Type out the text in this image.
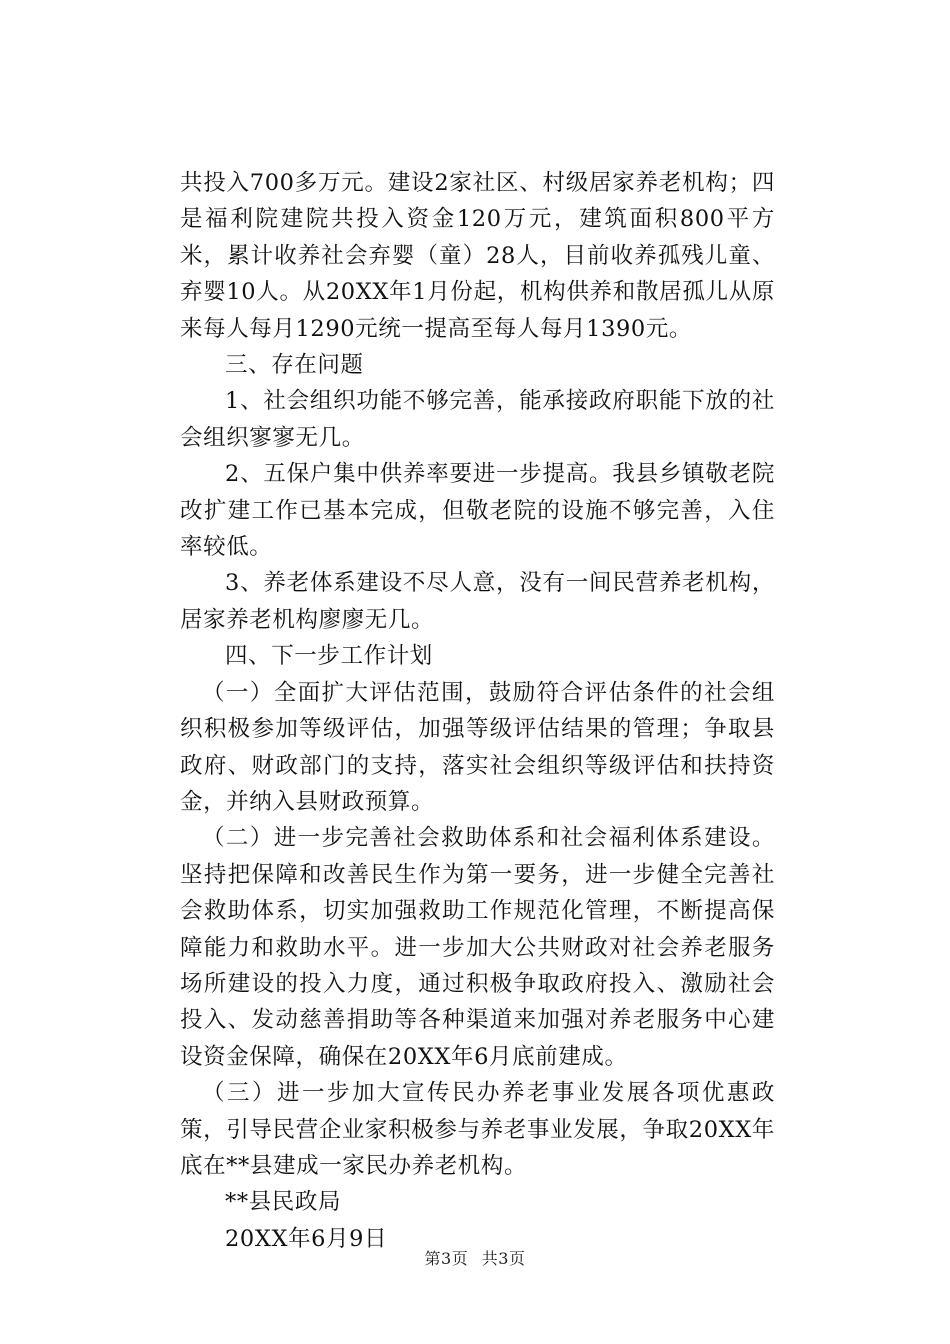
共投入700多万元。建设2家社区、村级居家养老机构；四是福利院建院共投入资金120万元，建筑面积800平方米，累计收养社会弃婴（童）28人，目前收养孤残儿童、弃婴10人。从20XX年1月份起，机构供养和散居孤儿从原来每人每月1290元统一提高至每人每月1390元。

三、存在问题

1、社会组织功能不够完善，能承接政府职能下放的社会组织寥寥无几。

2、五保户集中供养率要进一步提高。我县乡镇敬老院改扩建工作已基本完成，但敬老院的设施不够完善，入住率较低。

3、养老体系建设不尽人意，没有一间民营养老机构，居家养老机构廖廖无几。

四、下一步工作计划

（一）全面扩大评估范围，鼓励符合评估条件的社会组织积极参加等级评估，加强等级评估结果的管理；争取县政府、财政部门的支持，落实社会组织等级评估和扶持资金，并纳入县财政预算。

（二）进一步完善社会救助体系和社会福利体系建设。坚持把保障和改善民生作为第一要务，进一步健全完善社会救助体系，切实加强救助工作规范化管理，不断提高保障能力和救助水平。进一步加大公共财政对社会养老服务场所建设的投入力度，通过积极争取政府投入、激励社会投入、发动慈善捐助等各种渠道来加强对养老服务中心建设资金保障，确保在20XX年6月底前建成。

（三）进一步加大宣传民办养老事业发展各项优惠政策，引导民营企业家积极参与养老事业发展，争取20XX年底在**县建成一家民办养老机构。

**县民政局

20XX年6月9日

第3页 共3页
